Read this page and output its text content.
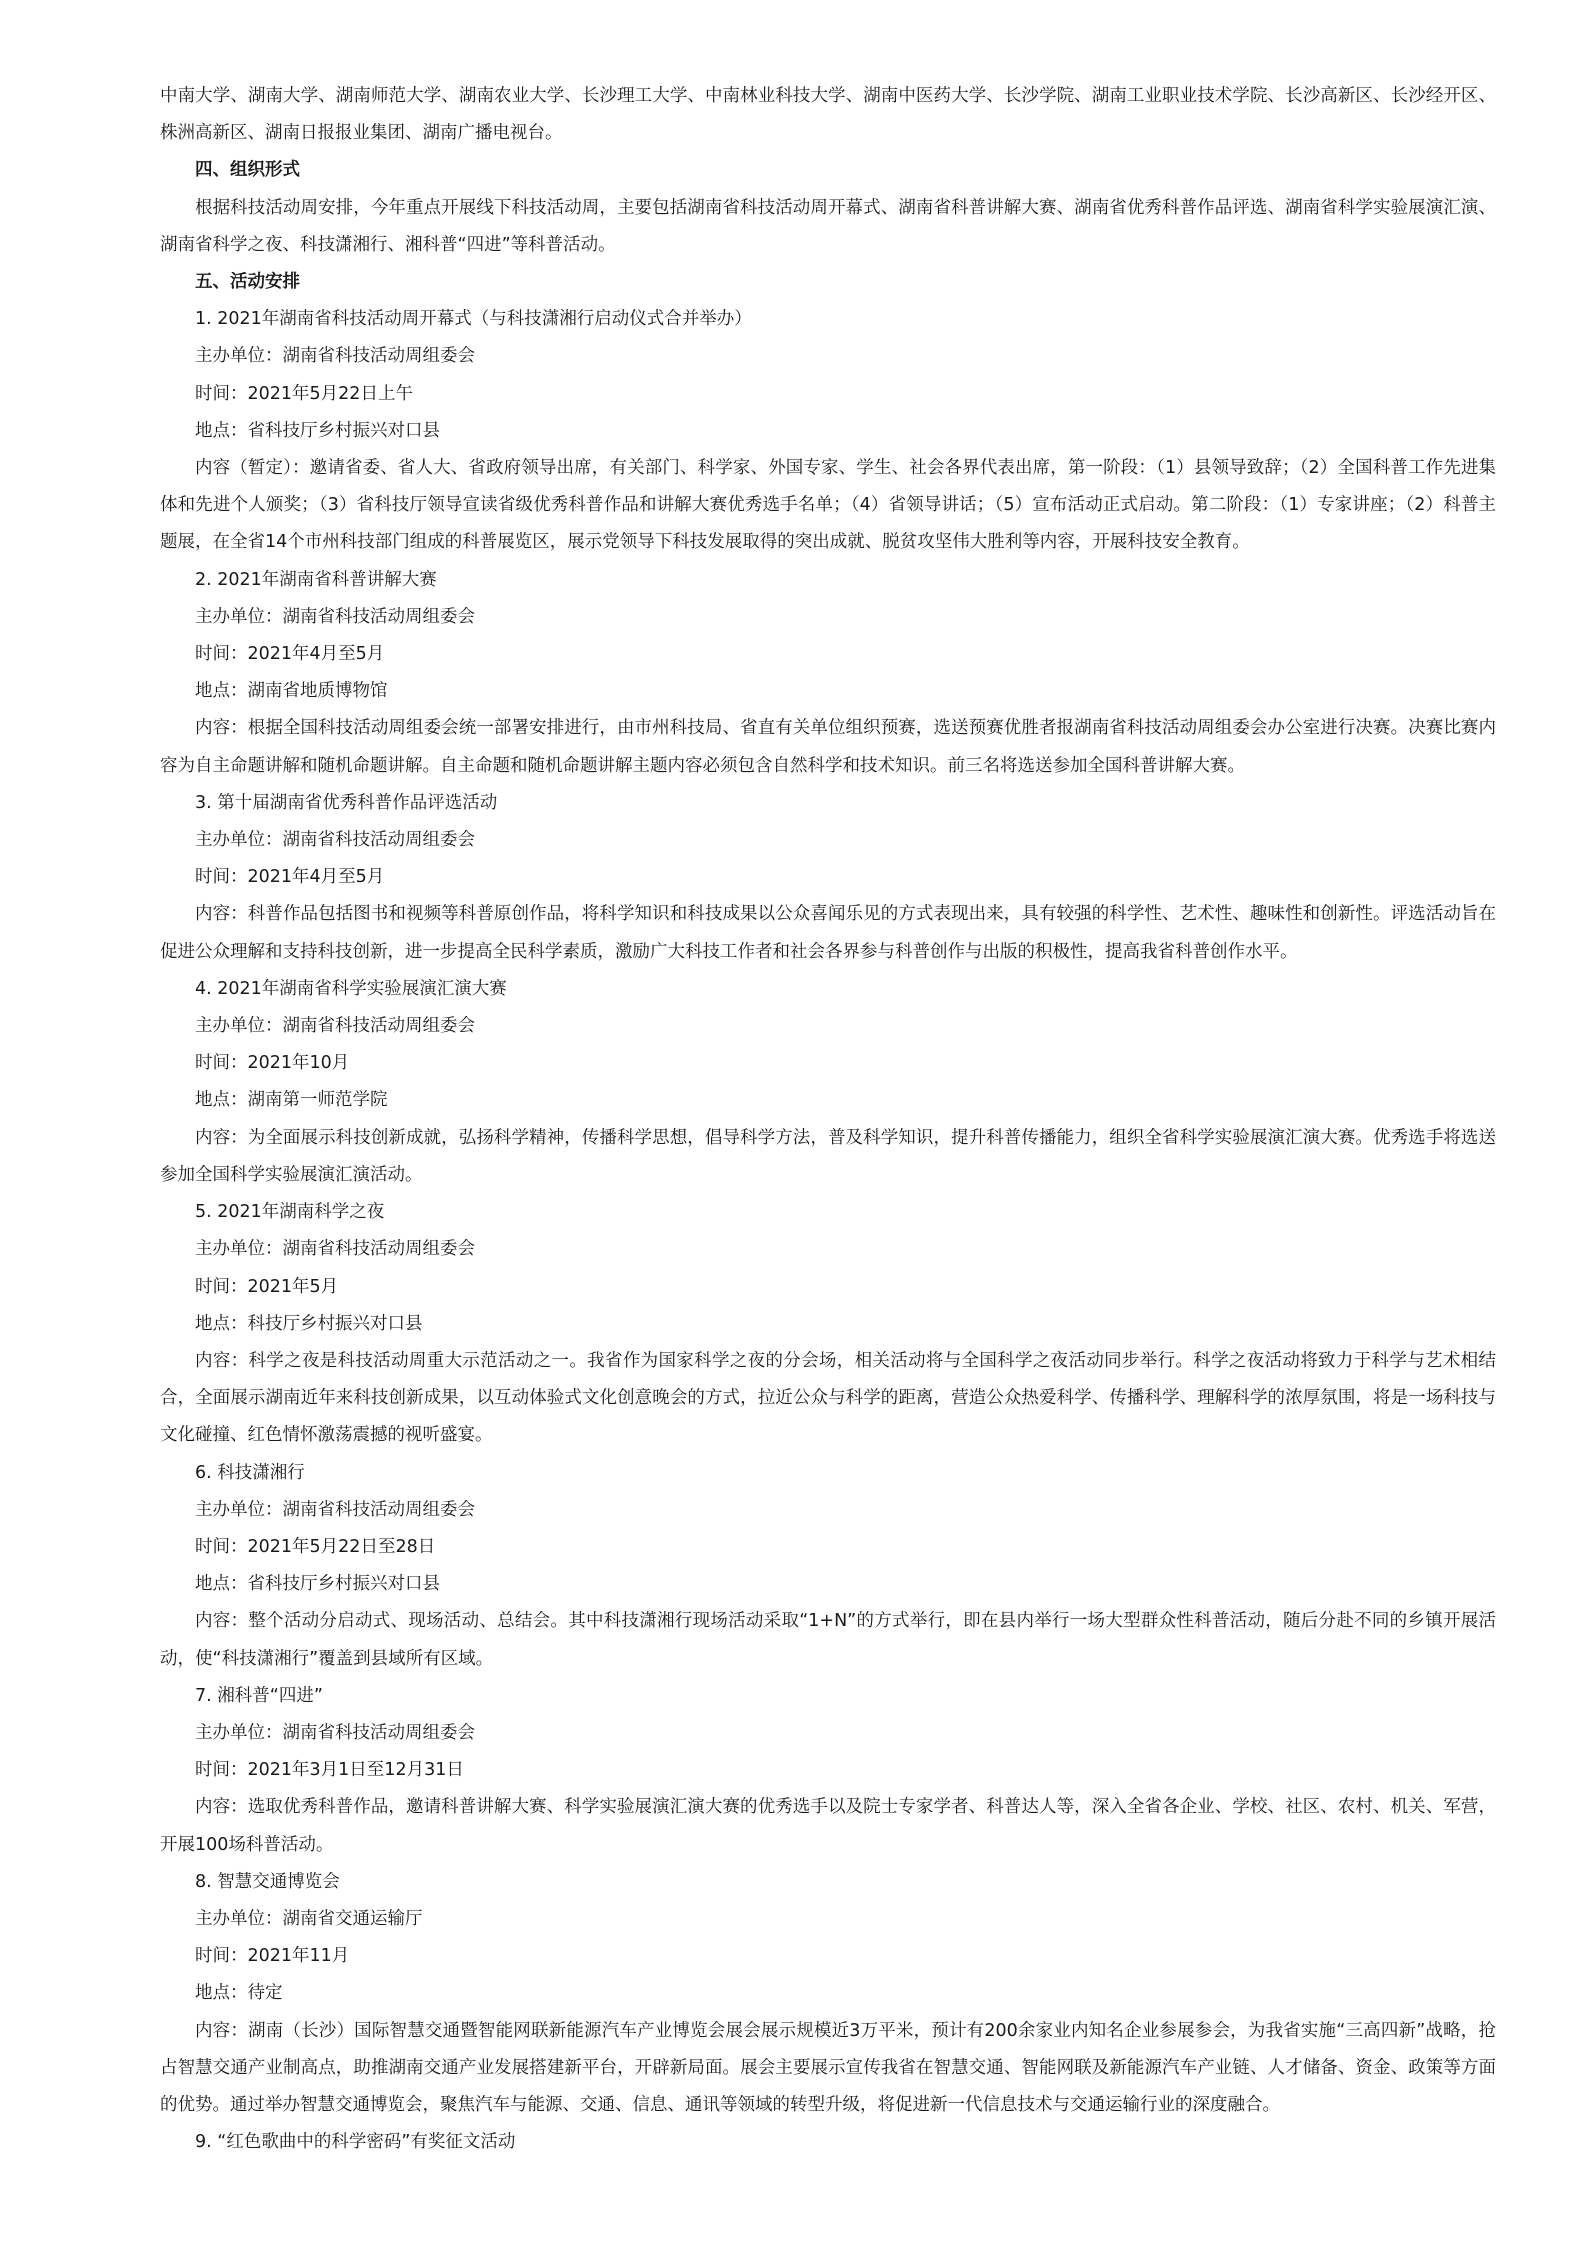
中南大学、湖南大学、湖南师范大学、湖南农业大学、长沙理工大学、中南林业科技大学、湖南中医药大学、长沙学院、湖南工业职业技术学院、长沙高新区、长沙经开区、株洲高新区、湖南日报报业集团、湖南广播电视台。

四、组织形式

根据科技活动周安排，今年重点开展线下科技活动周，主要包括湖南省科技活动周开幕式、湖南省科普讲解大赛、湖南省优秀科普作品评选、湖南省科学实验展演汇演、湖南省科学之夜、科技潇湘行、湘科普“四进”等科普活动。

五、活动安排

1. 2021年湖南省科技活动周开幕式（与科技潇湘行启动仪式合并举办）

主办单位：湖南省科技活动周组委会

时间：2021年5月22日上午

地点：省科技厅乡村振兴对口县

内容（暂定）：邀请省委、省人大、省政府领导出席，有关部门、科学家、外国专家、学生、社会各界代表出席，第一阶段：（1）县领导致辞；（2）全国科普工作先进集体和先进个人颁奖；（3）省科技厅领导宣读省级优秀科普作品和讲解大赛优秀选手名单；（4）省领导讲话；（5）宣布活动正式启动。第二阶段：（1）专家讲座；（2）科普主题展，在全省14个市州科技部门组成的科普展览区，展示党领导下科技发展取得的突出成就、脱贫攻坚伟大胜利等内容，开展科技安全教育。

2. 2021年湖南省科普讲解大赛

主办单位：湖南省科技活动周组委会

时间：2021年4月至5月

地点：湖南省地质博物馆

内容：根据全国科技活动周组委会统一部署安排进行，由市州科技局、省直有关单位组织预赛，选送预赛优胜者报湖南省科技活动周组委会办公室进行决赛。决赛比赛内容为自主命题讲解和随机命题讲解。自主命题和随机命题讲解主题内容必须包含自然科学和技术知识。前三名将选送参加全国科普讲解大赛。

3. 第十届湖南省优秀科普作品评选活动

主办单位：湖南省科技活动周组委会

时间：2021年4月至5月

内容：科普作品包括图书和视频等科普原创作品，将科学知识和科技成果以公众喜闻乐见的方式表现出来，具有较强的科学性、艺术性、趣味性和创新性。评选活动旨在促进公众理解和支持科技创新，进一步提高全民科学素质，激励广大科技工作者和社会各界参与科普创作与出版的积极性，提高我省科普创作水平。

4. 2021年湖南省科学实验展演汇演大赛

主办单位：湖南省科技活动周组委会

时间：2021年10月

地点：湖南第一师范学院

内容：为全面展示科技创新成就，弘扬科学精神，传播科学思想，倡导科学方法，普及科学知识，提升科普传播能力，组织全省科学实验展演汇演大赛。优秀选手将选送参加全国科学实验展演汇演活动。

5. 2021年湖南科学之夜

主办单位：湖南省科技活动周组委会

时间：2021年5月

地点：科技厅乡村振兴对口县

内容：科学之夜是科技活动周重大示范活动之一。我省作为国家科学之夜的分会场，相关活动将与全国科学之夜活动同步举行。科学之夜活动将致力于科学与艺术相结合，全面展示湖南近年来科技创新成果，以互动体验式文化创意晚会的方式，拉近公众与科学的距离，营造公众热爱科学、传播科学、理解科学的浓厚氛围，将是一场科技与文化碰撞、红色情怀激荡震撼的视听盛宴。

6. 科技潇湘行

主办单位：湖南省科技活动周组委会

时间：2021年5月22日至28日

地点：省科技厅乡村振兴对口县

内容：整个活动分启动式、现场活动、总结会。其中科技潇湘行现场活动采取“1+N”的方式举行，即在县内举行一场大型群众性科普活动，随后分赴不同的乡镇开展活动，使“科技潇湘行”覆盖到县域所有区域。

7. 湘科普“四进”

主办单位：湖南省科技活动周组委会

时间：2021年3月1日至12月31日

内容：选取优秀科普作品，邀请科普讲解大赛、科学实验展演汇演大赛的优秀选手以及院士专家学者、科普达人等，深入全省各企业、学校、社区、农村、机关、军营，开展100场科普活动。

8. 智慧交通博览会

主办单位：湖南省交通运输厅

时间：2021年11月

地点：待定

内容：湖南（长沙）国际智慧交通暨智能网联新能源汽车产业博览会展会展示规模近3万平米，预计有200余家业内知名企业参展参会，为我省实施“三高四新”战略，抢占智慧交通产业制高点，助推湖南交通产业发展搭建新平台，开辟新局面。展会主要展示宣传我省在智慧交通、智能网联及新能源汽车产业链、人才储备、资金、政策等方面的优势。通过举办智慧交通博览会，聚焦汽车与能源、交通、信息、通讯等领域的转型升级，将促进新一代信息技术与交通运输行业的深度融合。

9. “红色歌曲中的科学密码”有奖征文活动
